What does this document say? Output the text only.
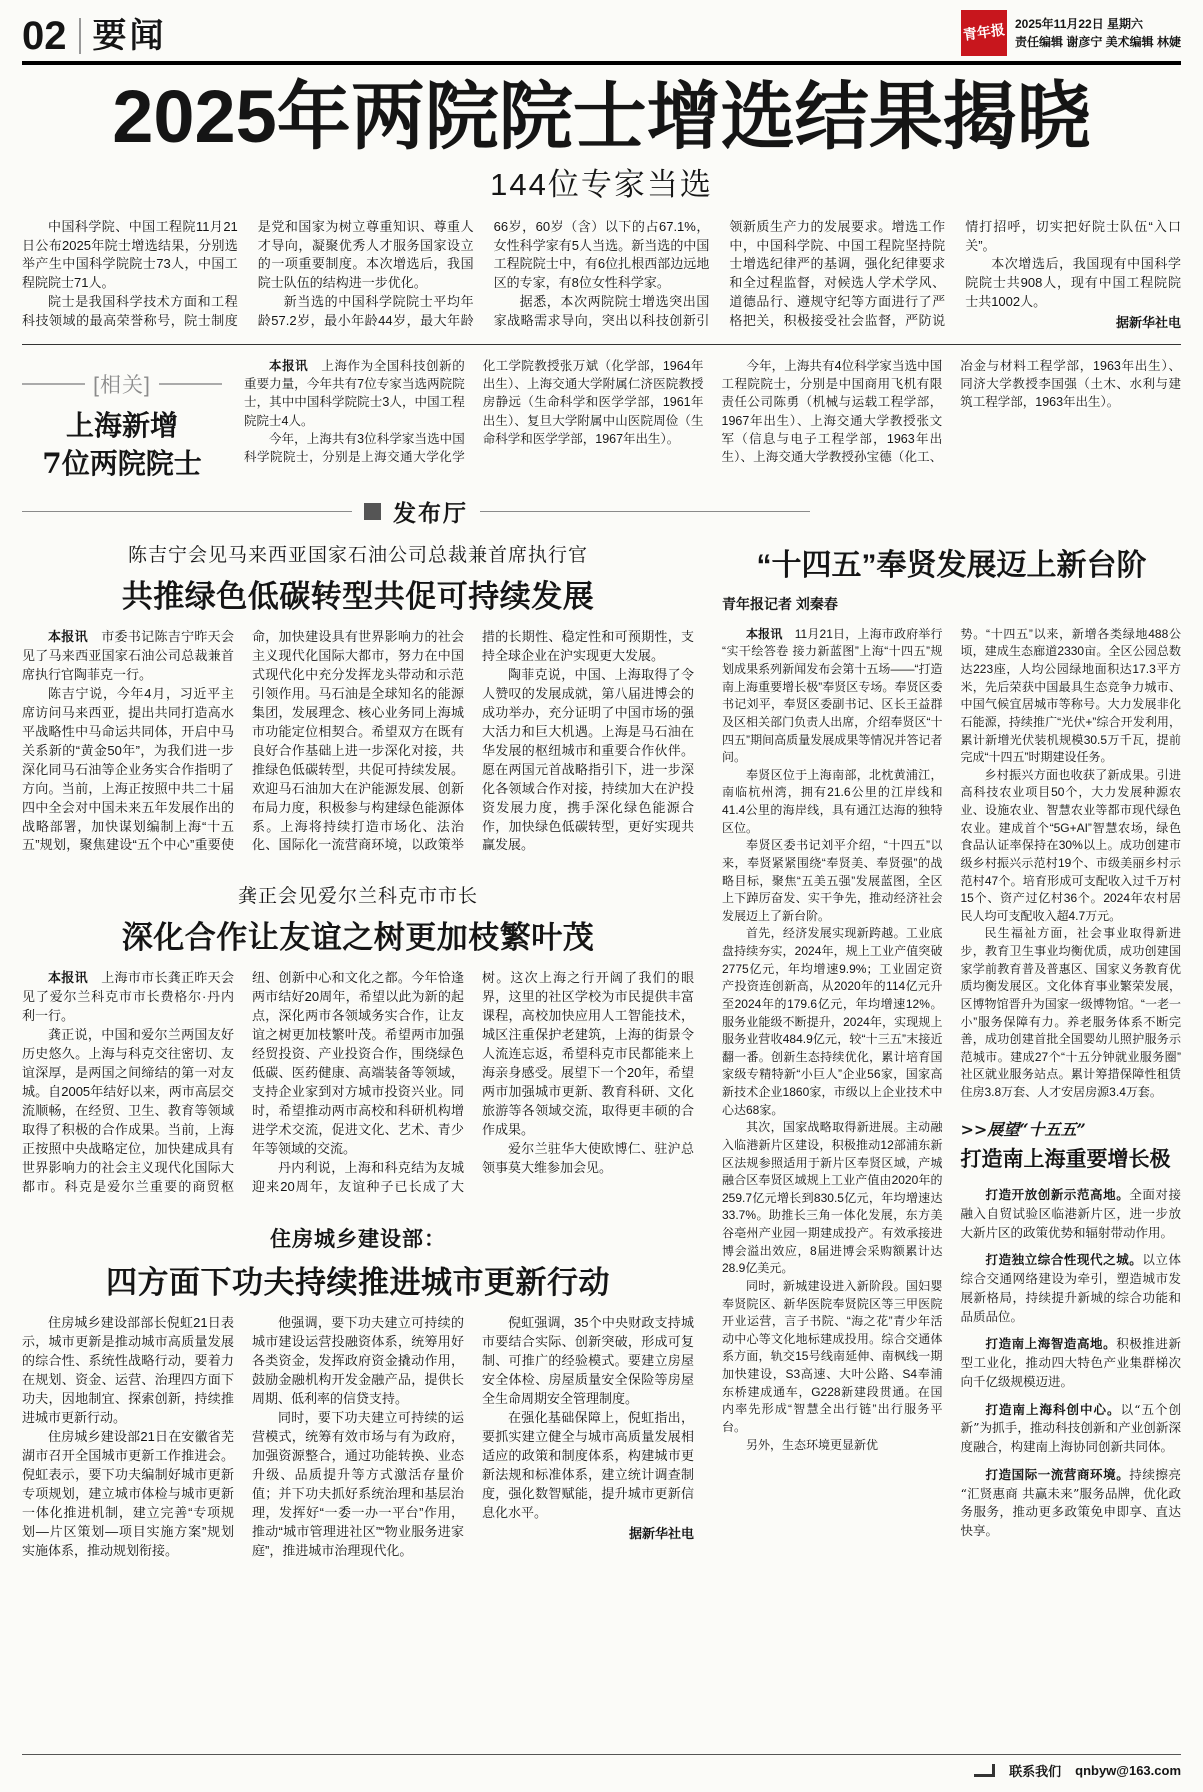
02 要闻	青年报 2025年11月22日 星期六
责任编辑 谢彦宁 美术编辑 林婕
2025年两院院士增选结果揭晓
144位专家当选

中国科学院、中国工程院11月21日公布2025年院士增选结果，分别选举产生中国科学院院士73人，中国工程院院士71人。

院士是我国科学技术方面和工程科技领域的最高荣誉称号，院士制度是党和国家为树立尊重知识、尊重人才导向，凝聚优秀人才服务国家设立的一项重要制度。本次增选后，我国院士队伍的结构进一步优化。

新当选的中国科学院院士平均年龄57.2岁，最小年龄44岁，最大年龄66岁，60岁（含）以下的占67.1%，女性科学家有5人当选。新当选的中国工程院院士中，有6位扎根西部边远地区的专家，有8位女性科学家。

据悉，本次两院院士增选突出国家战略需求导向，突出以科技创新引领新质生产力的发展要求。增选工作中，中国科学院、中国工程院坚持院士增选纪律严的基调，强化纪律要求和全过程监督，对候选人学术学风、道德品行、遵规守纪等方面进行了严格把关，积极接受社会监督，严防说情打招呼，切实把好院士队伍“入口关”。

本次增选后，我国现有中国科学院院士共908人，现有中国工程院院士共1002人。

据新华社电

[相关]
上海新增
7位两院院士

本报讯　上海作为全国科技创新的重要力量，今年共有7位专家当选两院院士，其中中国科学院院士3人，中国工程院院士4人。

今年，上海共有3位科学家当选中国科学院院士，分别是上海交通大学化学化工学院教授张万斌（化学部，1964年出生）、上海交通大学附属仁济医院教授房静远（生命科学和医学学部，1961年出生）、复旦大学附属中山医院周俭（生命科学和医学学部，1967年出生）。

今年，上海共有4位科学家当选中国工程院院士，分别是中国商用飞机有限责任公司陈勇（机械与运载工程学部，1967年出生）、上海交通大学教授张文军（信息与电子工程学部，1963年出生）、上海交通大学教授孙宝德（化工、冶金与材料工程学部，1963年出生）、同济大学教授李国强（土木、水利与建筑工程学部，1963年出生）。

发布厅
陈吉宁会见马来西亚国家石油公司总裁兼首席执行官
共推绿色低碳转型共促可持续发展

本报讯　市委书记陈吉宁昨天会见了马来西亚国家石油公司总裁兼首席执行官陶菲克一行。

陈吉宁说，今年4月，习近平主席访问马来西亚，提出共同打造高水平战略性中马命运共同体，开启中马关系新的“黄金50年”，为我们进一步深化同马石油等企业务实合作指明了方向。当前，上海正按照中共二十届四中全会对中国未来五年发展作出的战略部署，加快谋划编制上海“十五五”规划，聚焦建设“五个中心”重要使命，加快建设具有世界影响力的社会主义现代化国际大都市，努力在中国式现代化中充分发挥龙头带动和示范引领作用。马石油是全球知名的能源集团，发展理念、核心业务同上海城市功能定位相契合。希望双方在既有良好合作基础上进一步深化对接，共推绿色低碳转型，共促可持续发展。欢迎马石油加大在沪能源发展、创新布局力度，积极参与构建绿色能源体系。上海将持续打造市场化、法治化、国际化一流营商环境，以政策举措的长期性、稳定性和可预期性，支持全球企业在沪实现更大发展。

陶菲克说，中国、上海取得了令人赞叹的发展成就，第八届进博会的成功举办，充分证明了中国市场的强大活力和巨大机遇。上海是马石油在华发展的枢纽城市和重要合作伙伴。愿在两国元首战略指引下，进一步深化各领域合作对接，持续加大在沪投资发展力度，携手深化绿色能源合作，加快绿色低碳转型，更好实现共赢发展。

龚正会见爱尔兰科克市市长
深化合作让友谊之树更加枝繁叶茂

本报讯　上海市市长龚正昨天会见了爱尔兰科克市市长费格尔·丹内利一行。

龚正说，中国和爱尔兰两国友好历史悠久。上海与科克交往密切、友谊深厚，是两国之间缔结的第一对友城。自2005年结好以来，两市高层交流顺畅，在经贸、卫生、教育等领域取得了积极的合作成果。当前，上海正按照中央战略定位，加快建成具有世界影响力的社会主义现代化国际大都市。科克是爱尔兰重要的商贸枢纽、创新中心和文化之都。今年恰逢两市结好20周年，希望以此为新的起点，深化两市各领域务实合作，让友谊之树更加枝繁叶茂。希望两市加强经贸投资、产业投资合作，围绕绿色低碳、医药健康、高端装备等领域，支持企业家到对方城市投资兴业。同时，希望推动两市高校和科研机构增进学术交流，促进文化、艺术、青少年等领域的交流。

丹内利说，上海和科克结为友城迎来20周年，友谊种子已长成了大树。这次上海之行开阔了我们的眼界，这里的社区学校为市民提供丰富课程，高校加快应用人工智能技术，城区注重保护老建筑，上海的街景令人流连忘返，希望科克市民都能来上海亲身感受。展望下一个20年，希望两市加强城市更新、教育科研、文化旅游等各领域交流，取得更丰硕的合作成果。

爱尔兰驻华大使欧博仁、驻沪总领事莫大维参加会见。

住房城乡建设部：
四方面下功夫持续推进城市更新行动

住房城乡建设部部长倪虹21日表示，城市更新是推动城市高质量发展的综合性、系统性战略行动，要着力在规划、资金、运营、治理四方面下功夫，因地制宜、探索创新，持续推进城市更新行动。

住房城乡建设部21日在安徽省芜湖市召开全国城市更新工作推进会。倪虹表示，要下功夫编制好城市更新专项规划，建立城市体检与城市更新一体化推进机制，建立完善“专项规划—片区策划—项目实施方案”规划实施体系，推动规划衔接。

他强调，要下功夫建立可持续的城市建设运营投融资体系，统筹用好各类资金，发挥政府资金撬动作用，鼓励金融机构开发金融产品，提供长周期、低利率的信贷支持。

同时，要下功夫建立可持续的运营模式，统筹有效市场与有为政府，加强资源整合，通过功能转换、业态升级、品质提升等方式激活存量价值；并下功夫抓好系统治理和基层治理，发挥好“一委一办一平台”作用，推动“城市管理进社区”“物业服务进家庭”，推进城市治理现代化。

倪虹强调，35个中央财政支持城市要结合实际、创新突破，形成可复制、可推广的经验模式。要建立房屋安全体检、房屋质量安全保险等房屋全生命周期安全管理制度。

在强化基础保障上，倪虹指出，要抓实建立健全与城市高质量发展相适应的政策和制度体系，构建城市更新法规和标准体系，建立统计调查制度，强化数智赋能，提升城市更新信息化水平。

据新华社电

“十四五”奉贤发展迈上新台阶
青年报记者 刘秦春

本报讯　11月21日，上海市政府举行“实干绘答卷 接力新蓝图”上海“十四五”规划成果系列新闻发布会第十五场——“打造南上海重要增长极”奉贤区专场。奉贤区委书记刘平，奉贤区委副书记、区长王益群及区相关部门负责人出席，介绍奉贤区“十四五”期间高质量发展成果等情况并答记者问。

奉贤区位于上海南部，北枕黄浦江，南临杭州湾，拥有21.6公里的江岸线和41.4公里的海岸线，具有通江达海的独特区位。

奉贤区委书记刘平介绍，“十四五”以来，奉贤紧紧围绕“奉贤美、奉贤强”的战略目标，聚焦“五美五强”发展蓝图，全区上下踔厉奋发、实干争先，推动经济社会发展迈上了新台阶。

首先，经济发展实现新跨越。工业底盘持续夯实，2024年，规上工业产值突破2775亿元，年均增速9.9%；工业固定资产投资连创新高，从2020年的114亿元升至2024年的179.6亿元，年均增速12%。服务业能级不断提升，2024年，实现规上服务业营收484.9亿元，较“十三五”末接近翻一番。创新生态持续优化，累计培育国家级专精特新“小巨人”企业56家，国家高新技术企业1860家，市级以上企业技术中心达68家。

其次，国家战略取得新进展。主动融入临港新片区建设，积极推动12部浦东新区法规参照适用于新片区奉贤区域，产城融合区奉贤区域规上工业产值由2020年的259.7亿元增长到830.5亿元，年均增速达33.7%。助推长三角一体化发展，东方美谷亳州产业园一期建成投产。有效承接进博会溢出效应，8届进博会采购额累计达28.9亿美元。

同时，新城建设进入新阶段。国妇婴奉贤院区、新华医院奉贤院区等三甲医院开业运营，言子书院、“海之花”青少年活动中心等文化地标建成投用。综合交通体系方面，轨交15号线南延伸、南枫线一期加快建设，S3高速、大叶公路、S4奉浦东桥建成通车，G228新建段贯通。在国内率先形成“智慧全出行链”出行服务平台。

另外，生态环境更显新优

势。“十四五”以来，新增各类绿地488公顷，建成生态廊道2330亩。全区公园总数达223座，人均公园绿地面积达17.3平方米，先后荣获中国最具生态竞争力城市、中国气候宜居城市等称号。大力发展非化石能源，持续推广“光伏+”综合开发利用，累计新增光伏装机规模30.5万千瓦，提前完成“十四五”时期建设任务。

乡村振兴方面也收获了新成果。引进高科技农业项目50个，大力发展种源农业、设施农业、智慧农业等都市现代绿色农业。建成首个“5G+AI”智慧农场，绿色食品认证率保持在30%以上。成功创建市级乡村振兴示范村19个、市级美丽乡村示范村47个。培育形成可支配收入过千万村15个、资产过亿村36个。2024年农村居民人均可支配收入超4.7万元。

民生福祉方面，社会事业取得新进步，教育卫生事业均衡优质，成功创建国家学前教育普及普惠区、国家义务教育优质均衡发展区。文化体育事业繁荣发展，区博物馆晋升为国家一级博物馆。“一老一小”服务保障有力。养老服务体系不断完善，成功创建首批全国婴幼儿照护服务示范城市。建成27个“十五分钟就业服务圈”社区就业服务站点。累计筹措保障性租赁住房3.8万套、人才安居房源3.4万套。

>>展望“十五五”
打造南上海重要增长极

打造开放创新示范高地。全面对接融入自贸试验区临港新片区，进一步放大新片区的政策优势和辐射带动作用。

打造独立综合性现代之城。以立体综合交通网络建设为牵引，塑造城市发展新格局，持续提升新城的综合功能和品质品位。

打造南上海智造高地。积极推进新型工业化，推动四大特色产业集群梯次向千亿级规模迈进。

打造南上海科创中心。以“五个创新”为抓手，推动科技创新和产业创新深度融合，构建南上海协同创新共同体。

打造国际一流营商环境。持续擦亮“汇贤惠商 共赢未来”服务品牌，优化政务服务，推动更多政策免申即享、直达快享。

联系我们 qnbyw@163.com
